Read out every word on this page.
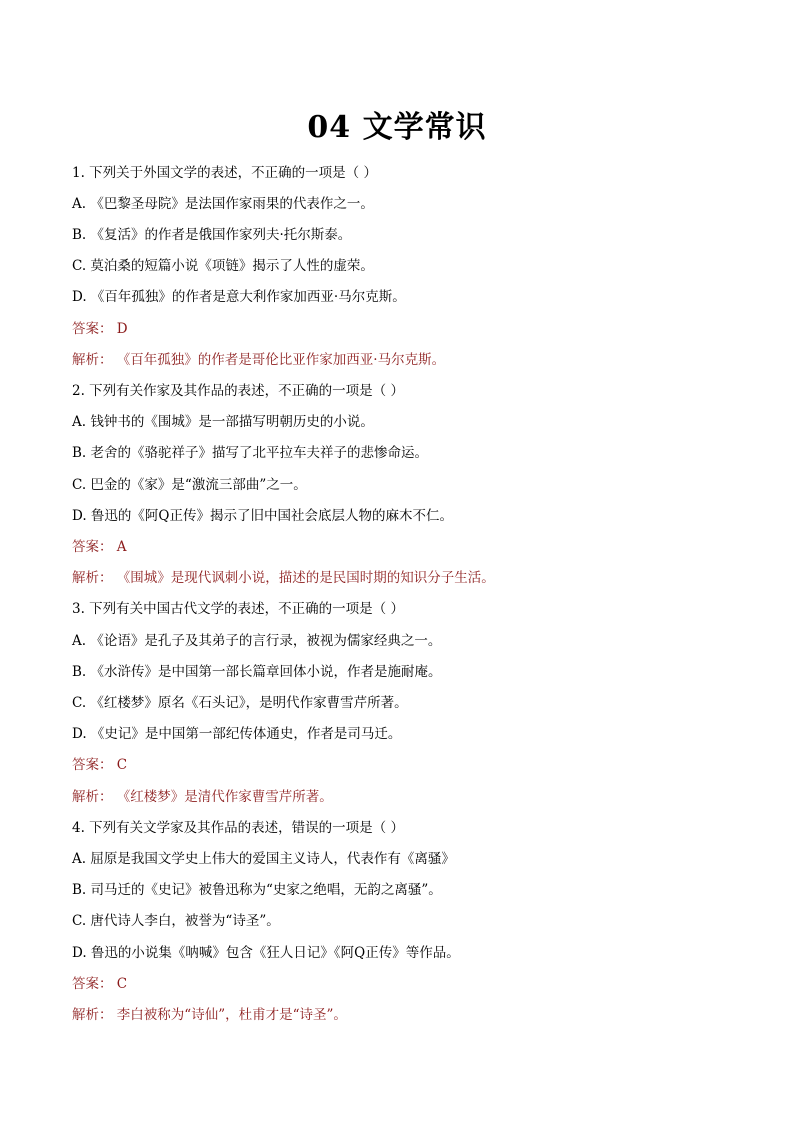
04 文学常识
1. 下列关于外国文学的表述，不正确的一项是（ ）
A. 《巴黎圣母院》是法国作家雨果的代表作之一。
B. 《复活》的作者是俄国作家列夫·托尔斯泰。
C. 莫泊桑的短篇小说《项链》揭示了人性的虚荣。
D. 《百年孤独》的作者是意大利作家加西亚·马尔克斯。
答案： D
解析： 《百年孤独》的作者是哥伦比亚作家加西亚·马尔克斯。
2. 下列有关作家及其作品的表述，不正确的一项是（ ）
A. 钱钟书的《围城》是一部描写明朝历史的小说。
B. 老舍的《骆驼祥子》描写了北平拉车夫祥子的悲惨命运。
C. 巴金的《家》是“激流三部曲”之一。
D. 鲁迅的《阿Q正传》揭示了旧中国社会底层人物的麻木不仁。
答案： A
解析： 《围城》是现代讽刺小说，描述的是民国时期的知识分子生活。
3. 下列有关中国古代文学的表述，不正确的一项是（ ）
A. 《论语》是孔子及其弟子的言行录，被视为儒家经典之一。
B. 《水浒传》是中国第一部长篇章回体小说，作者是施耐庵。
C. 《红楼梦》原名《石头记》，是明代作家曹雪芹所著。
D. 《史记》是中国第一部纪传体通史，作者是司马迁。
答案： C
解析： 《红楼梦》是清代作家曹雪芹所著。
4. 下列有关文学家及其作品的表述，错误的一项是（ ）
A. 屈原是我国文学史上伟大的爱国主义诗人，代表作有《离骚》
B. 司马迁的《史记》被鲁迅称为“史家之绝唱，无韵之离骚”。
C. 唐代诗人李白，被誉为“诗圣”。
D. 鲁迅的小说集《呐喊》包含《狂人日记》《阿Q正传》等作品。
答案： C
解析： 李白被称为“诗仙”，杜甫才是“诗圣”。
